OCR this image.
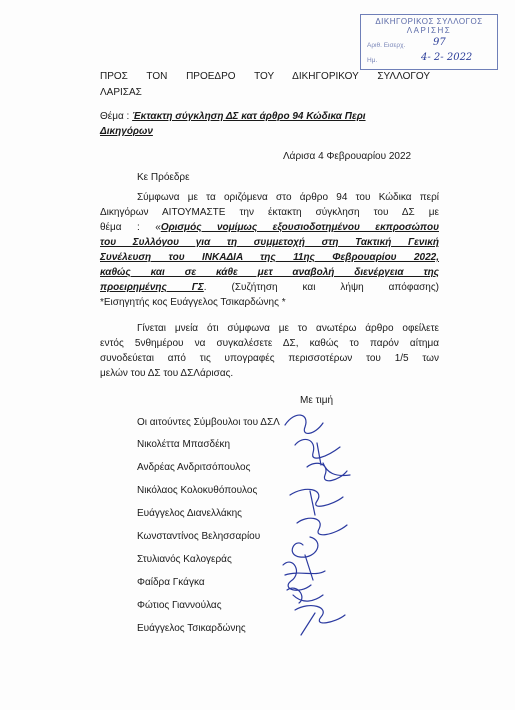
ΔΙΚΗΓΟΡΙΚΟΣ ΣΥΛΛΟΓΟΣ
ΛΑΡΙΣΗΣ
Αριθ. Εισερχ.	97
Ημ.	4- 2- 2022
ΠΡΟΣ ΤΟΝ ΠΡΟΕΔΡΟ ΤΟΥ ΔΙΚΗΓΟΡΙΚΟΥ ΣΥΛΛΟΓΟΥ
ΛΑΡΙΣΑΣ
Θέμα : Έκτακτη σύγκληση ΔΣ κατ άρθρο 94 Κώδικα Περι
Δικηγόρων
Λάρισα 4 Φεβρουαρίου 2022
Κε Πρόεδρε
Σύμφωνα με τα οριζόμενα στο άρθρο 94 του Κώδικα περί
Δικηγόρων ΑΙΤΟΥΜΑΣΤΕ την έκτακτη σύγκληση του ΔΣ με
θέμα : «Ορισμός νομίμως εξουσιοδοτημένου εκπροσώπου
του Συλλόγου για τη συμμετοχή στη Τακτική Γενική
Συνέλευση του ΙΝΚΑΔΙΑ της 11ης Φεβρουαρίου 2022,
καθώς και σε κάθε μετ αναβολή διενέργεια της
προειρημένης ΓΣ. (Συζήτηση και λήψη απόφασης)
*Εισηγητής κος Ευάγγελος Τσικαρδώνης *
Γίνεται μνεία ότι σύμφωνα με το ανωτέρω άρθρο οφείλετε
εντός 5νθημέρου να συγκαλέσετε ΔΣ, καθώς το παρόν αίτημα
συνοδεύεται από τις υπογραφές περισσοτέρων του 1/5 των
μελών του ΔΣ του ΔΣΛάρισας.
Με τιμή
Οι αιτούντες Σύμβουλοι του ΔΣΛ
Νικολέττα Μπασδέκη
Ανδρέας Ανδριτσόπουλος
Νικόλαος Κολοκυθόπουλος
Ευάγγελος Διανελλάκης
Κωνσταντίνος Βελησσαρίου
Στυλιανός Καλογεράς
Φαίδρα Γκάγκα
Φώτιος Γιαννούλας
Ευάγγελος Τσικαρδώνης
